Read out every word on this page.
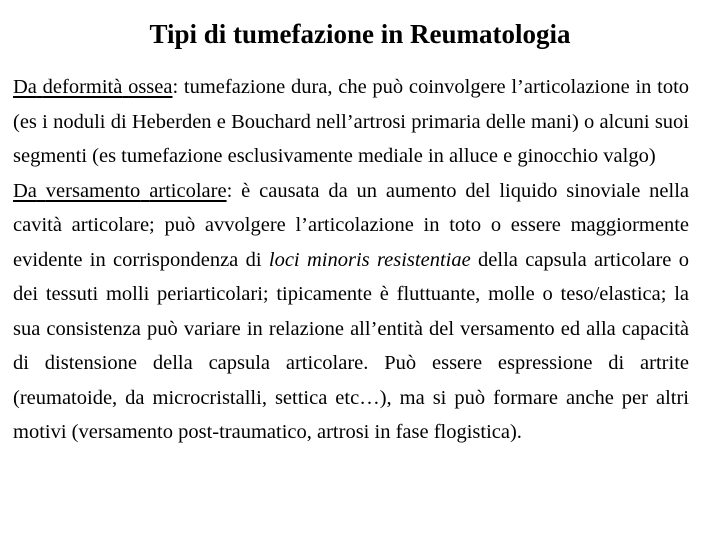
Tipi di tumefazione in Reumatologia

Da deformità ossea: tumefazione dura, che può coinvolgere l’articolazione in toto (es i noduli di Heberden e Bouchard nell’artrosi primaria delle mani) o alcuni suoi segmenti (es tumefazione esclusivamente mediale in alluce e ginocchio valgo)

Da versamento articolare: è causata da un aumento del liquido sinoviale nella cavità articolare; può avvolgere l’articolazione in toto o essere maggiormente evidente in corrispondenza di loci minoris resistentiae della capsula articolare o dei tessuti molli periarticolari; tipicamente è fluttuante, molle o teso/elastica; la sua consistenza può variare in relazione all’entità del versamento ed alla capacità di distensione della capsula articolare. Può essere espressione di artrite (reumatoide, da microcristalli, settica etc…), ma si può formare anche per altri motivi (versamento post-traumatico, artrosi in fase flogistica).
